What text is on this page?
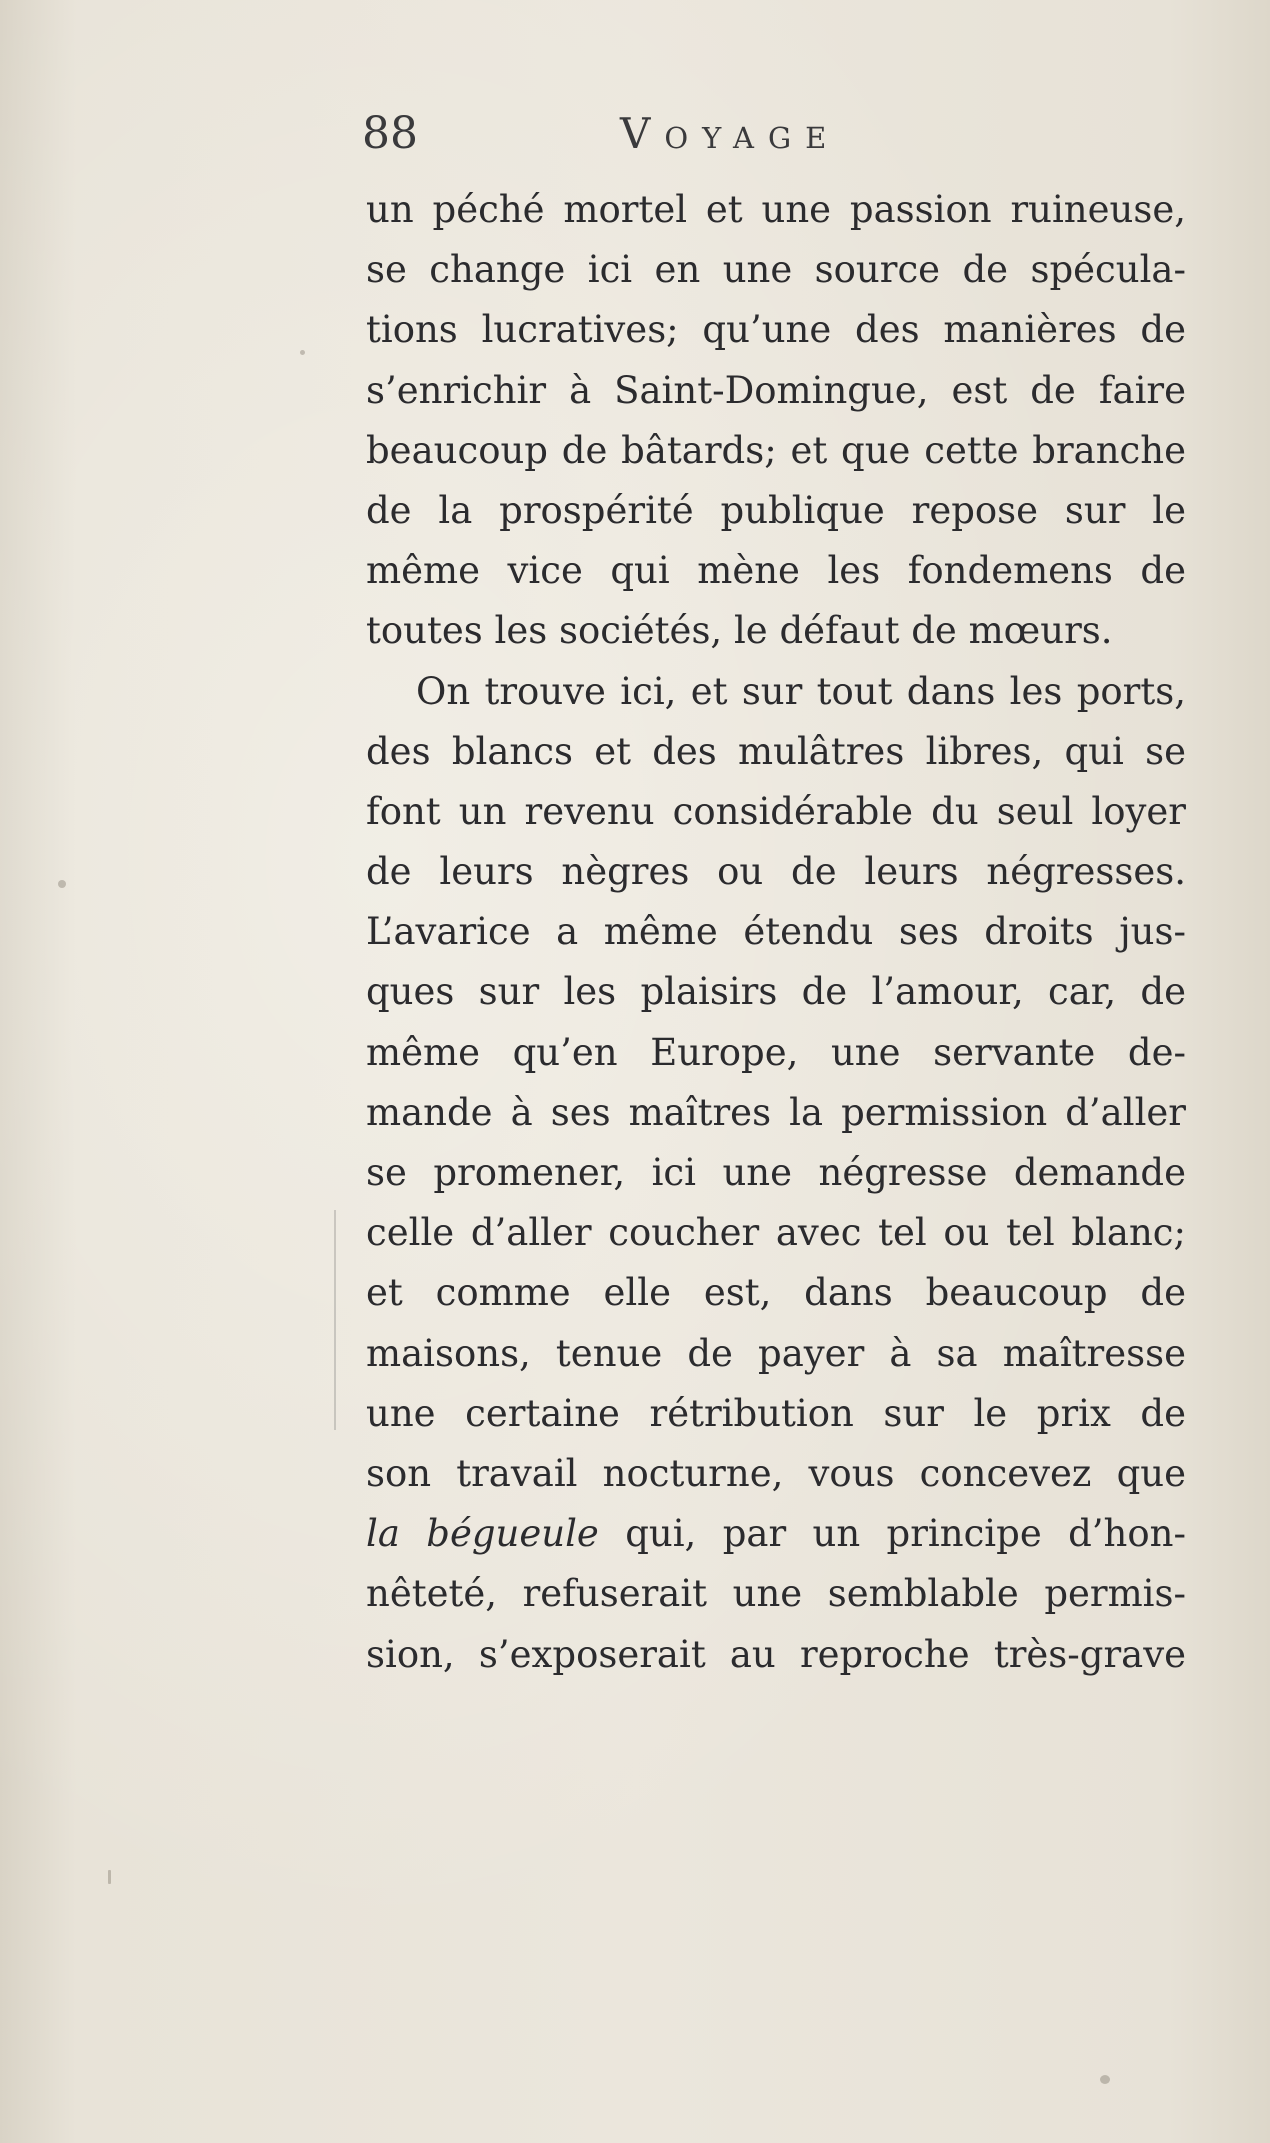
88	Voyage
un péché mortel et une passion ruineuse,
se change ici en une source de spécula-
tions lucratives; qu’une des manières de
s’enrichir à Saint-Domingue, est de faire
beaucoup de bâtards; et que cette branche
de la prospérité publique repose sur le
même vice qui mène les fondemens de
toutes les sociétés, le défaut de mœurs.
On trouve ici, et sur tout dans les ports,
des blancs et des mulâtres libres, qui se
font un revenu considérable du seul loyer
de leurs nègres ou de leurs négresses.
L’avarice a même étendu ses droits jus-
ques sur les plaisirs de l’amour, car, de
même qu’en Europe, une servante de-
mande à ses maîtres la permission d’aller
se promener, ici une négresse demande
celle d’aller coucher avec tel ou tel blanc;
et comme elle est, dans beaucoup de
maisons, tenue de payer à sa maîtresse
une certaine rétribution sur le prix de
son travail nocturne, vous concevez que
la bégueule qui, par un principe d’hon-
nêteté, refuserait une semblable permis-
sion, s’exposerait au reproche très-grave
